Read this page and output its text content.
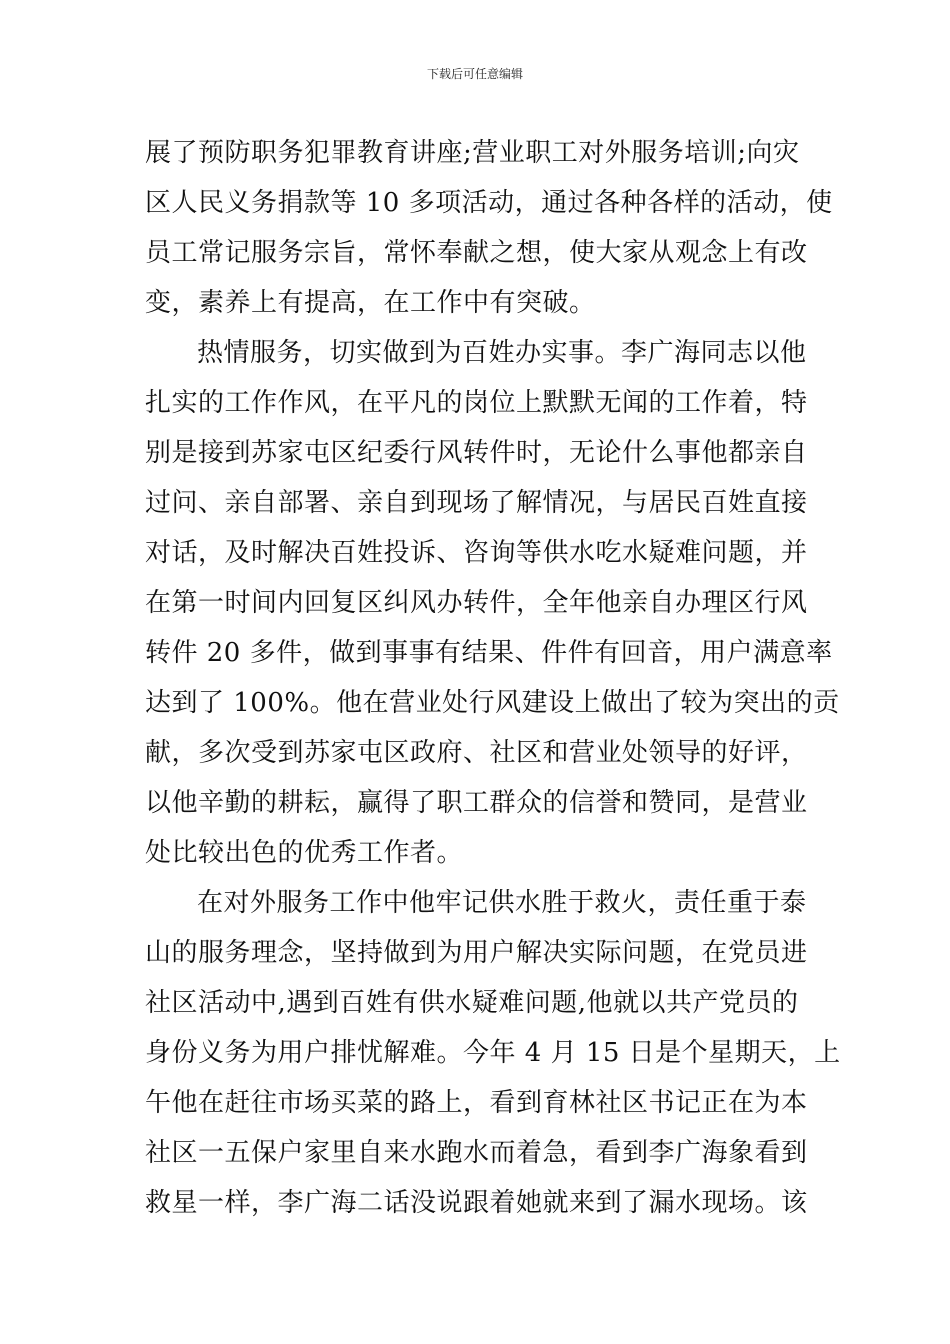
下载后可任意编辑
展了预防职务犯罪教育讲座;营业职工对外服务培训;向灾
区人民义务捐款等 10 多项活动，通过各种各样的活动，使
员工常记服务宗旨，常怀奉献之想，使大家从观念上有改
变，素养上有提高，在工作中有突破。
热情服务，切实做到为百姓办实事。李广海同志以他
扎实的工作作风，在平凡的岗位上默默无闻的工作着，特
别是接到苏家屯区纪委行风转件时，无论什么事他都亲自
过问、亲自部署、亲自到现场了解情况，与居民百姓直接
对话，及时解决百姓投诉、咨询等供水吃水疑难问题，并
在第一时间内回复区纠风办转件，全年他亲自办理区行风
转件 20 多件，做到事事有结果、件件有回音，用户满意率
达到了 100%。他在营业处行风建设上做出了较为突出的贡
献，多次受到苏家屯区政府、社区和营业处领导的好评，
以他辛勤的耕耘，赢得了职工群众的信誉和赞同，是营业
处比较出色的优秀工作者。
在对外服务工作中他牢记供水胜于救火，责任重于泰
山的服务理念，坚持做到为用户解决实际问题，在党员进
社区活动中,遇到百姓有供水疑难问题,他就以共产党员的
身份义务为用户排忧解难。今年 4 月 15 日是个星期天，上
午他在赶往市场买菜的路上，看到育林社区书记正在为本
社区一五保户家里自来水跑水而着急，看到李广海象看到
救星一样，李广海二话没说跟着她就来到了漏水现场。该
